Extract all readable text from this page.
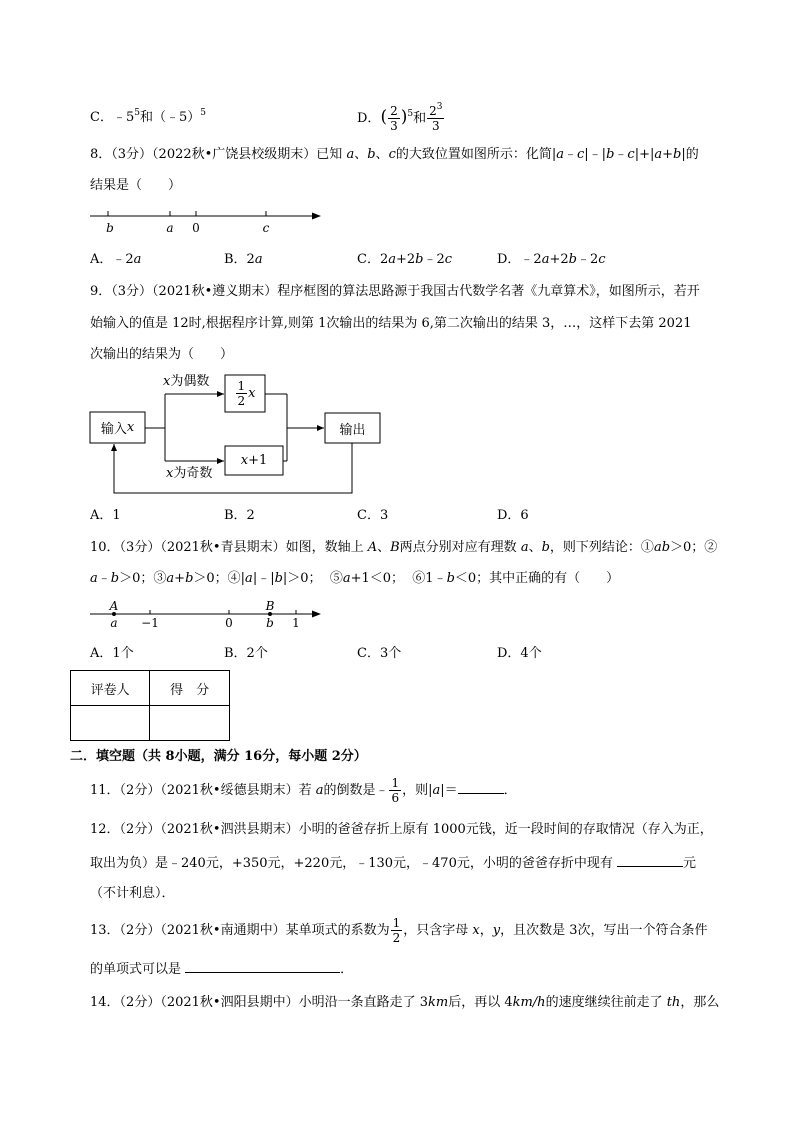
C．$﹣5^5$和（﹣5）$^5$	D．( $\frac{2}{3} )^5$和 $\frac{2^3}{3}$
8．（3分）（2022秋•广饶县校级期末）已知 a、b、c的大致位置如图所示：化简|a﹣c|﹣|b﹣c|+|a+b|的
结果是（　　）
b	a 0	c
A．﹣2a	B．2a	C．2a+2b﹣2c	D．﹣2a+2b﹣2c
9．（3分）（2021秋•遵义期末）程序框图的算法思路源于我国古代数学名著《九章算术》，如图所示，若开
始输入的值是 12时,根据程序计算,则第 1次输出的结果为 6,第二次输出的结果 3，…，这样下去第 2021
次输出的结果为（　　）
输入 x
$\frac{1}{2}$ x
x +1
输出
x为偶数
x为奇数
A．1	B．2	C．3	D．6
10．（3分）（2021秋•青县期末）如图，数轴上 A、B两点分别对应有理数 a、b，则下列结论：①ab＞0；②
a﹣b＞0；③a+b＞0；④|a|﹣|b|＞0；  ⑤a+1＜0；  ⑥1﹣b＜0；其中正确的有（　　）
A
a −1	0
B
b 1
A．1个	B．2个	C．3个	D．4个
评卷人	得　分

二．填空题（共 8小题，满分 16分，每小题 2分）
11．（2分）（2021秋•绥德县期末）若 a的倒数是﹣ $\frac{1}{6}$ ，则|a|＝	．
12．（2分）（2021秋•泗洪县期末）小明的爸爸存折上原有 1000元钱，近一段时间的存取情况（存入为正，
取出为负）是﹣240元，+350元，+220元，﹣130元，﹣470元，小明的爸爸存折中现有	元
（不计利息）．
13．（2分）（2021秋•南通期中）某单项式的系数为 $\frac{1}{2}$ ，只含字母 x，y，且次数是 3次，写出一个符合条件
的单项式可以是	．
14．（2分）（2021秋•泗阳县期中）小明沿一条直路走了 3km后，再以 4km/h的速度继续往前走了 th，那么
